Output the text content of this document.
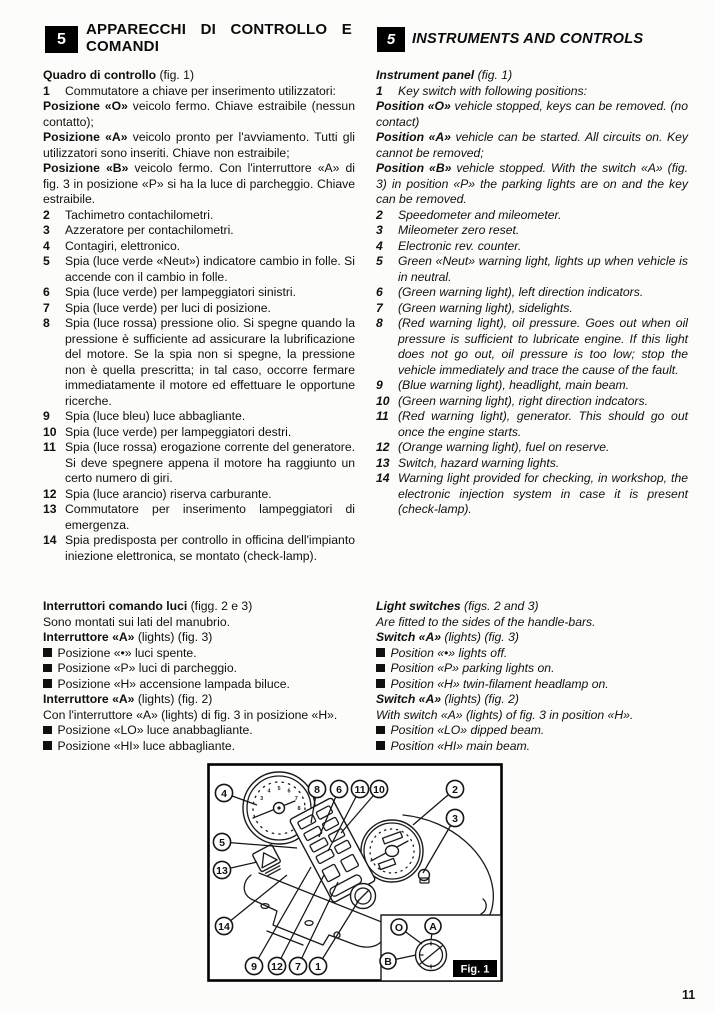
5
APPARECCHI DI CONTROLLO E
COMANDI	5	INSTRUMENTS AND CONTROLS
Quadro di controllo (fig. 1)
1 Commutatore a chiave per inserimento utilizzatori:
Posizione «O» veicolo fermo. Chiave estraibile (nessun contatto);
Posizione «A» veicolo pronto per l'avviamento. Tutti gli utilizzatori sono inseriti. Chiave non estraibile;
Posizione «B» veicolo fermo. Con l'interruttore «A» di fig. 3 in posizione «P» si ha la luce di parcheggio. Chiave estraibile.
2 Tachimetro contachilometri.
3 Azzeratore per contachilometri.
4 Contagiri, elettronico.
5 Spia (luce verde «Neut») indicatore cambio in folle. Si accende con il cambio in folle.
6 Spia (luce verde) per lampeggiatori sinistri.
7 Spia (luce verde) per luci di posizione.
8 Spia (luce rossa) pressione olio. Si spegne quando la pressione è sufficiente ad assicurare la lubrificazione del motore. Se la spia non si spegne, la pressione non è quella prescritta; in tal caso, occorre fermare immediatamente il motore ed effettuare le opportune ricerche.
9 Spia (luce bleu) luce abbagliante.
10 Spia (luce verde) per lampeggiatori destri.
11 Spia (luce rossa) erogazione corrente del generatore. Si deve spegnere appena il motore ha raggiunto un certo numero di giri.
12 Spia (luce arancio) riserva carburante.
13 Commutatore per inserimento lampeggiatori di emergenza.
14 Spia predisposta per controllo in officina dell'impianto iniezione elettronica, se montato (check-lamp).
Interruttori comando luci (figg. 2 e 3)
Sono montati sui lati del manubrio.
Interruttore «A» (lights) (fig. 3)
Posizione «•» luci spente.
Posizione «P» luci di parcheggio.
Posizione «H» accensione lampada biluce.
Interruttore «A» (lights) (fig. 2)
Con l'interruttore «A» (lights) di fig. 3 in posizione «H».
Posizione «LO» luce anabbagliante.
Posizione «HI» luce abbagliante.
Instrument panel (fig. 1)
1 Key switch with following positions:
Position «O» vehicle stopped, keys can be removed. (no contact)
Position «A» vehicle can be started. All circuits on. Key cannot be removed;
Position «B» vehicle stopped. With the switch «A» (fig. 3) in position «P» the parking lights are on and the key can be removed.
2 Speedometer and mileometer.
3 Mileometer zero reset.
4 Electronic rev. counter.
5 Green «Neut» warning light, lights up when vehicle is in neutral.
6 (Green warning light), left direction indicators.
7 (Green warning light), sidelights.
8 (Red warning light), oil pressure. Goes out when oil pressure is sufficient to lubricate engine. If this light does not go out, oil pressure is too low; stop the vehicle immediately and trace the cause of the fault.
9 (Blue warning light), headlight, main beam.
10 (Green warning light), right direction indcators.
11 (Red warning light), generator. This should go out once the engine starts.
12 (Orange warning light), fuel on reserve.
13 Switch, hazard warning lights.
14 Warning light provided for checking, in workshop, the electronic injection system in case it is present (check-lamp).
Light switches (figs. 2 and 3)
Are fitted to the sides of the handle-bars.
Switch «A» (lights) (fig. 3)
Position «•» lights off.
Position «P» parking lights on.
Position «H» twin-filament headlamp on.
Switch «A» (lights) (fig. 2)
With switch «A» (lights) of fig. 3 in position «H».
Position «LO» dipped beam.
Position «HI» main beam.
3
4 5 6
7
8
Fig. 1
4
5
13
14
8 6 11 10	2
3
9 12 7 1
O A
B
11
